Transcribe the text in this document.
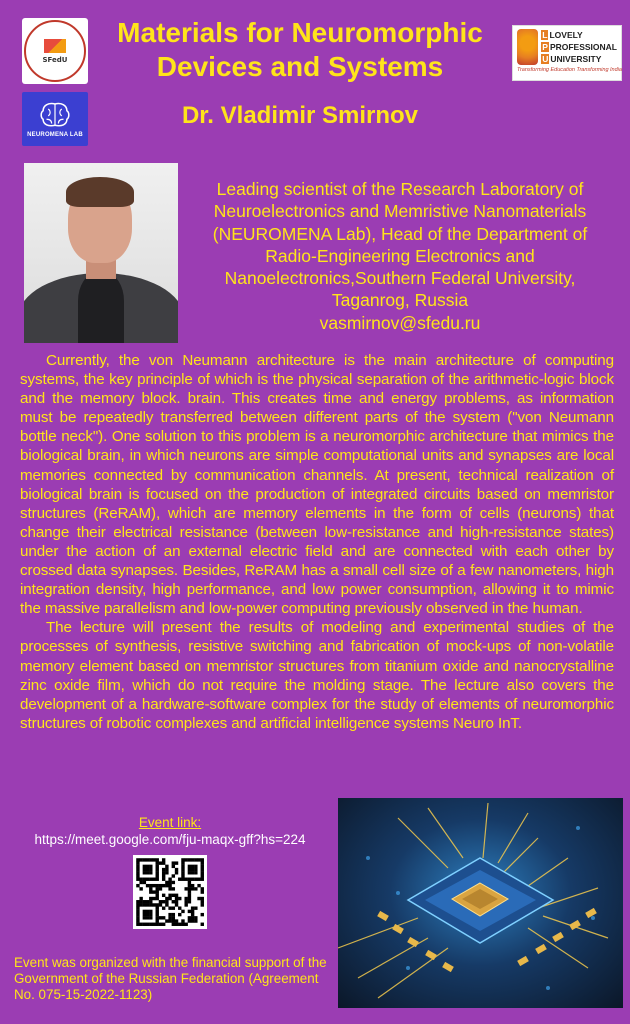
SFedU
Materials for Neuromorphic Devices and Systems
L LOVELY
P PROFESSIONAL
U UNIVERSITY
Transforming Education Transforming India
NEUROMENA LAB
Dr. Vladimir Smirnov
Leading scientist of the Research Laboratory of Neuroelectronics and Memristive Nanomaterials (NEUROMENA Lab), Head of the Department of Radio-Engineering Electronics and Nanoelectronics,Southern Federal University, Taganrog, Russia
vasmirnov@sfedu.ru

Currently, the von Neumann architecture is the main architecture of computing systems, the key principle of which is the physical separation of the arithmetic-logic block and the memory block. brain. This creates time and energy problems, as information must be repeatedly transferred between different parts of the system ("von Neumann bottle neck"). One solution to this problem is a neuromorphic architecture that mimics the biological brain, in which neurons are simple computational units and synapses are local memories connected by communication channels. At present, technical realization of biological brain is focused on the production of integrated circuits based on memristor structures (ReRAM), which are memory elements in the form of cells (neurons) that change their electrical resistance (between low-resistance and high-resistance states) under the action of an external electric field and are connected with each other by crossed data synapses. Besides, ReRAM has a small cell size of a few nanometers, high integration density, high performance, and low power consumption, allowing it to mimic the massive parallelism and low-power computing previously observed in the human.

The lecture will present the results of modeling and experimental studies of the processes of synthesis, resistive switching and fabrication of mock-ups of non-volatile memory element based on memristor structures from titanium oxide and nanocrystalline zinc oxide film, which do not require the molding stage. The lecture also covers the development of a hardware-software complex for the study of elements of neuromorphic structures of robotic complexes and artificial intelligence systems Neuro InT.

Event link:

https://meet.google.com/fju-maqx-gff?hs=224

Event was organized with the financial support of the Government of the Russian Federation (Agreement No. 075-15-2022-1123)
